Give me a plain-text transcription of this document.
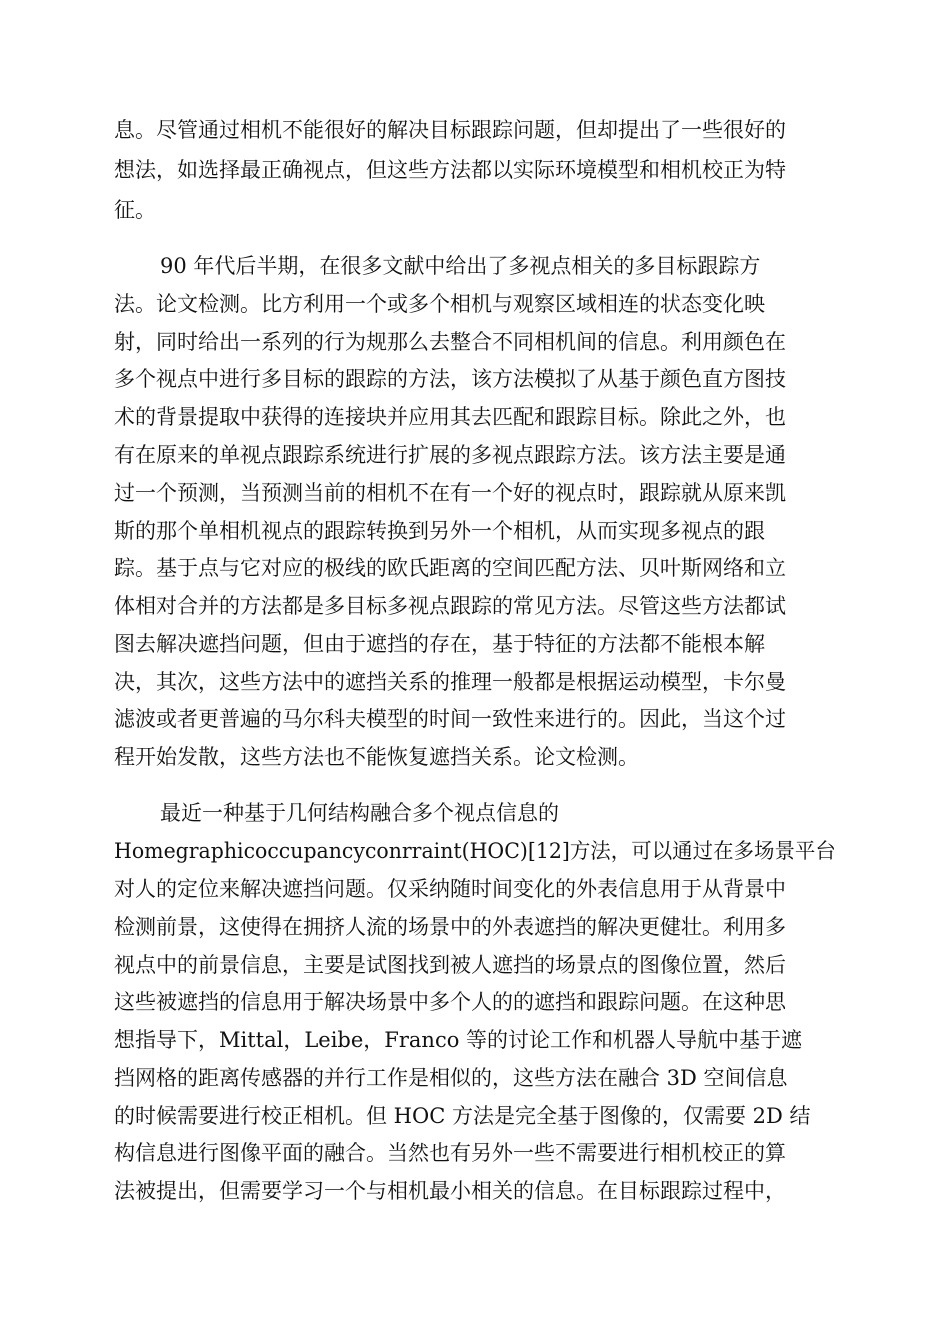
息。尽管通过相机不能很好的解决目标跟踪问题，但却提出了一些很好的

想法，如选择最正确视点，但这些方法都以实际环境模型和相机校正为特

征。

90 年代后半期，在很多文献中给出了多视点相关的多目标跟踪方

法。论文检测。比方利用一个或多个相机与观察区域相连的状态变化映

射，同时给出一系列的行为规那么去整合不同相机间的信息。利用颜色在

多个视点中进行多目标的跟踪的方法，该方法模拟了从基于颜色直方图技

术的背景提取中获得的连接块并应用其去匹配和跟踪目标。除此之外，也

有在原来的单视点跟踪系统进行扩展的多视点跟踪方法。该方法主要是通

过一个预测，当预测当前的相机不在有一个好的视点时，跟踪就从原来凯

斯的那个单相机视点的跟踪转换到另外一个相机，从而实现多视点的跟

踪。基于点与它对应的极线的欧氏距离的空间匹配方法、贝叶斯网络和立

体相对合并的方法都是多目标多视点跟踪的常见方法。尽管这些方法都试

图去解决遮挡问题，但由于遮挡的存在，基于特征的方法都不能根本解

决，其次，这些方法中的遮挡关系的推理一般都是根据运动模型，卡尔曼

滤波或者更普遍的马尔科夫模型的时间一致性来进行的。因此，当这个过

程开始发散，这些方法也不能恢复遮挡关系。论文检测。

最近一种基于几何结构融合多个视点信息的

Homegraphicoccupancyconrraint(HOC)[12]方法，可以通过在多场景平台

对人的定位来解决遮挡问题。仅采纳随时间变化的外表信息用于从背景中

检测前景，这使得在拥挤人流的场景中的外表遮挡的解决更健壮。利用多

视点中的前景信息，主要是试图找到被人遮挡的场景点的图像位置，然后

这些被遮挡的信息用于解决场景中多个人的的遮挡和跟踪问题。在这种思

想指导下，Mittal，Leibe，Franco 等的讨论工作和机器人导航中基于遮

挡网格的距离传感器的并行工作是相似的，这些方法在融合 3D 空间信息

的时候需要进行校正相机。但 HOC 方法是完全基于图像的，仅需要 2D 结

构信息进行图像平面的融合。当然也有另外一些不需要进行相机校正的算

法被提出，但需要学习一个与相机最小相关的信息。在目标跟踪过程中，
